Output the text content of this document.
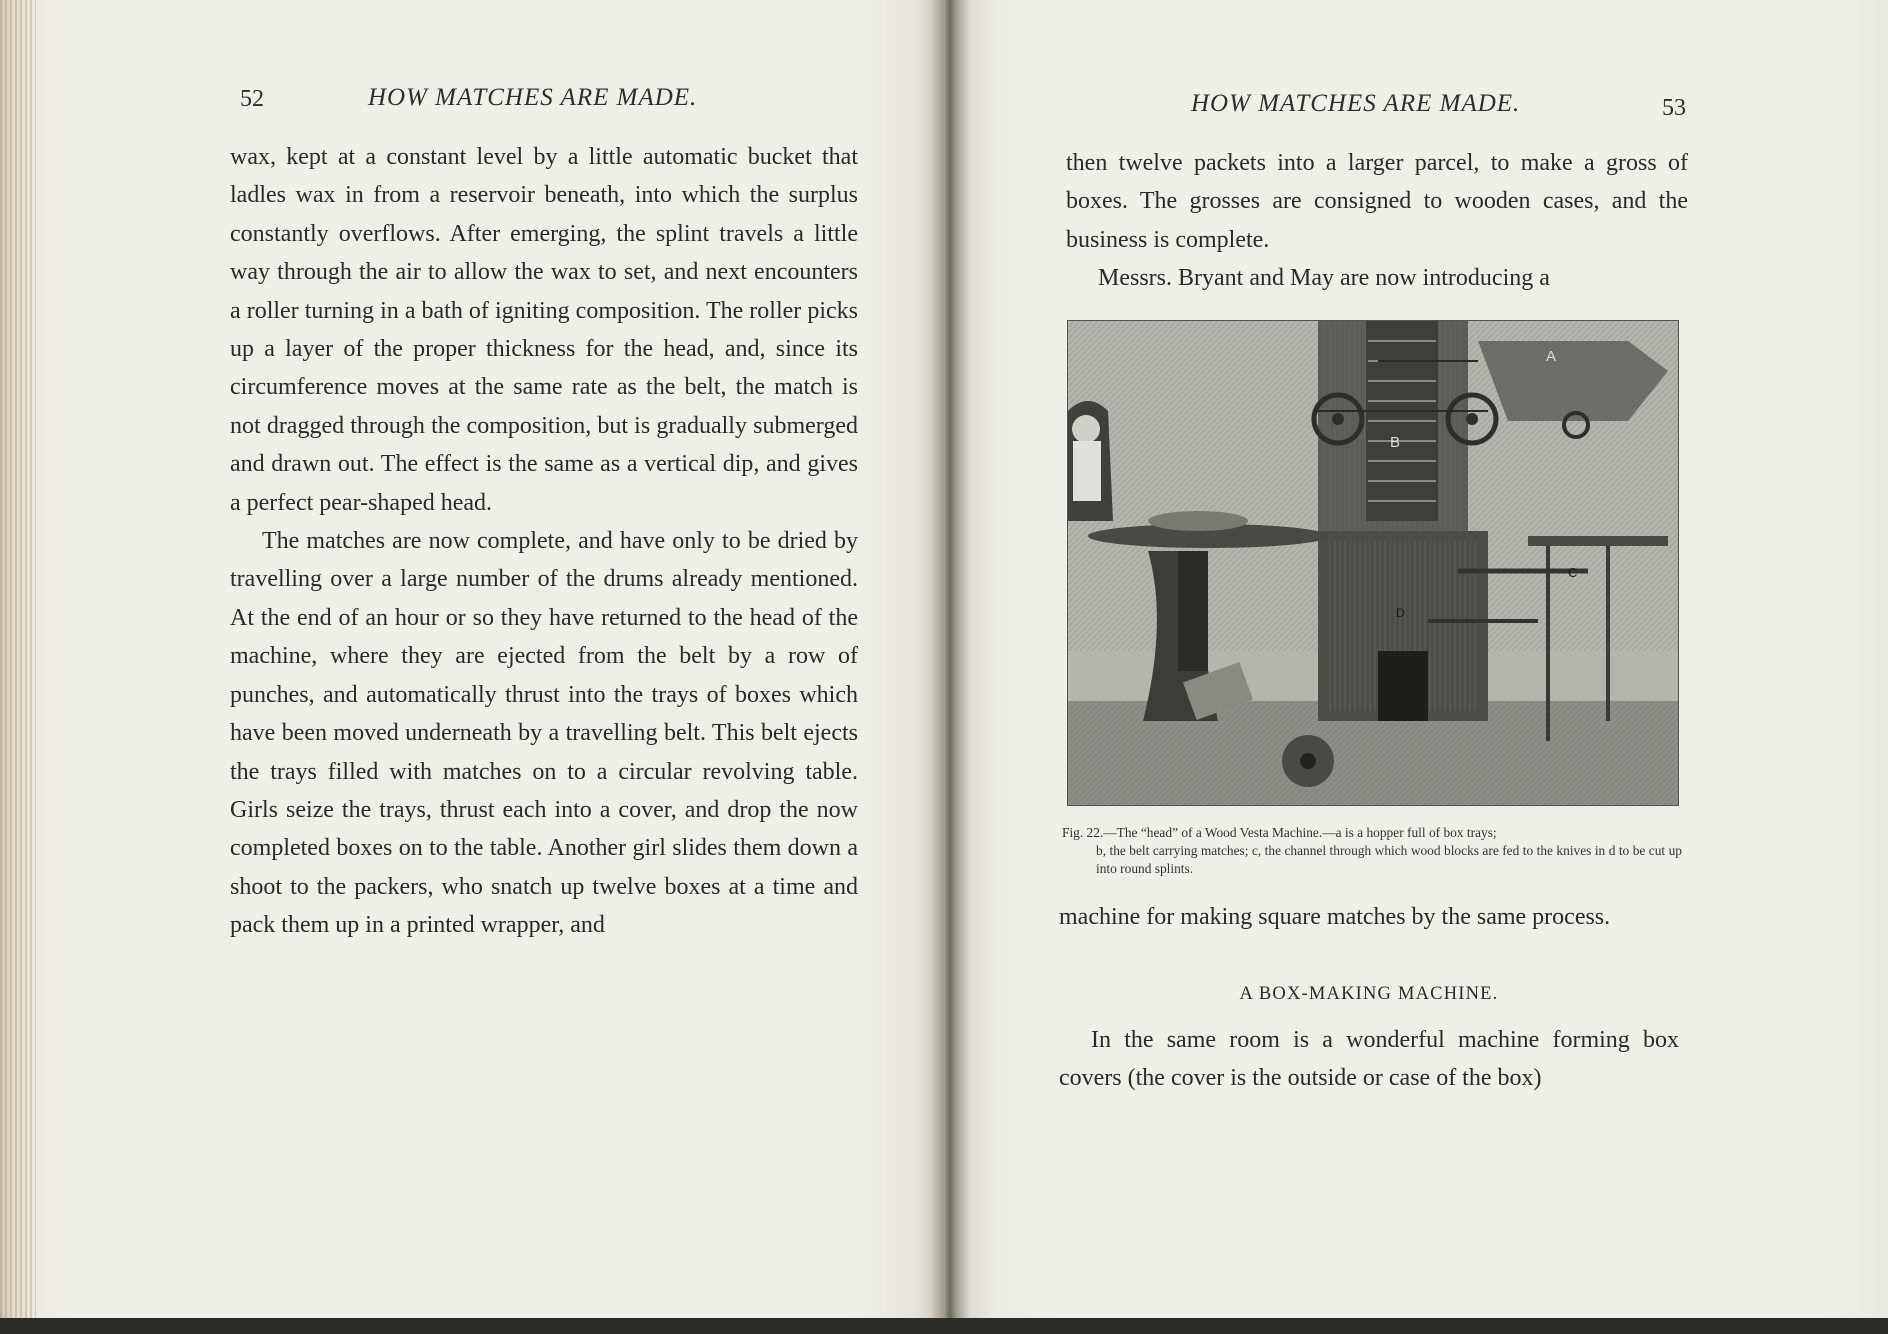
52	HOW MATCHES ARE MADE.

wax, kept at a constant level by a little automatic bucket that ladles wax in from a reservoir beneath, into which the surplus constantly overflows. After emerging, the splint travels a little way through the air to allow the wax to set, and next encounters a roller turning in a bath of igniting composition. The roller picks up a layer of the proper thickness for the head, and, since its circumference moves at the same rate as the belt, the match is not dragged through the composition, but is gradually submerged and drawn out. The effect is the same as a vertical dip, and gives a perfect pear-shaped head.

The matches are now complete, and have only to be dried by travelling over a large number of the drums already mentioned. At the end of an hour or so they have returned to the head of the machine, where they are ejected from the belt by a row of punches, and automatically thrust into the trays of boxes which have been moved underneath by a travelling belt. This belt ejects the trays filled with matches on to a circular revolving table. Girls seize the trays, thrust each into a cover, and drop the now completed boxes on to the table. Another girl slides them down a shoot to the packers, who snatch up twelve boxes at a time and pack them up in a printed wrapper, and

HOW MATCHES ARE MADE.	53

then twelve packets into a larger parcel, to make a gross of boxes. The grosses are consigned to wooden cases, and the business is complete.

Messrs. Bryant and May are now introducing a

A
B
C
D
Fig. 22.—The “head” of a Wood Vesta Machine.—a is a hopper full of box trays;
b, the belt carrying matches; c, the channel through which wood blocks are fed to the knives in d to be cut up into round splints.

machine for making square matches by the same process.

A BOX-MAKING MACHINE.

In the same room is a wonderful machine forming box covers (the cover is the outside or case of the box)
